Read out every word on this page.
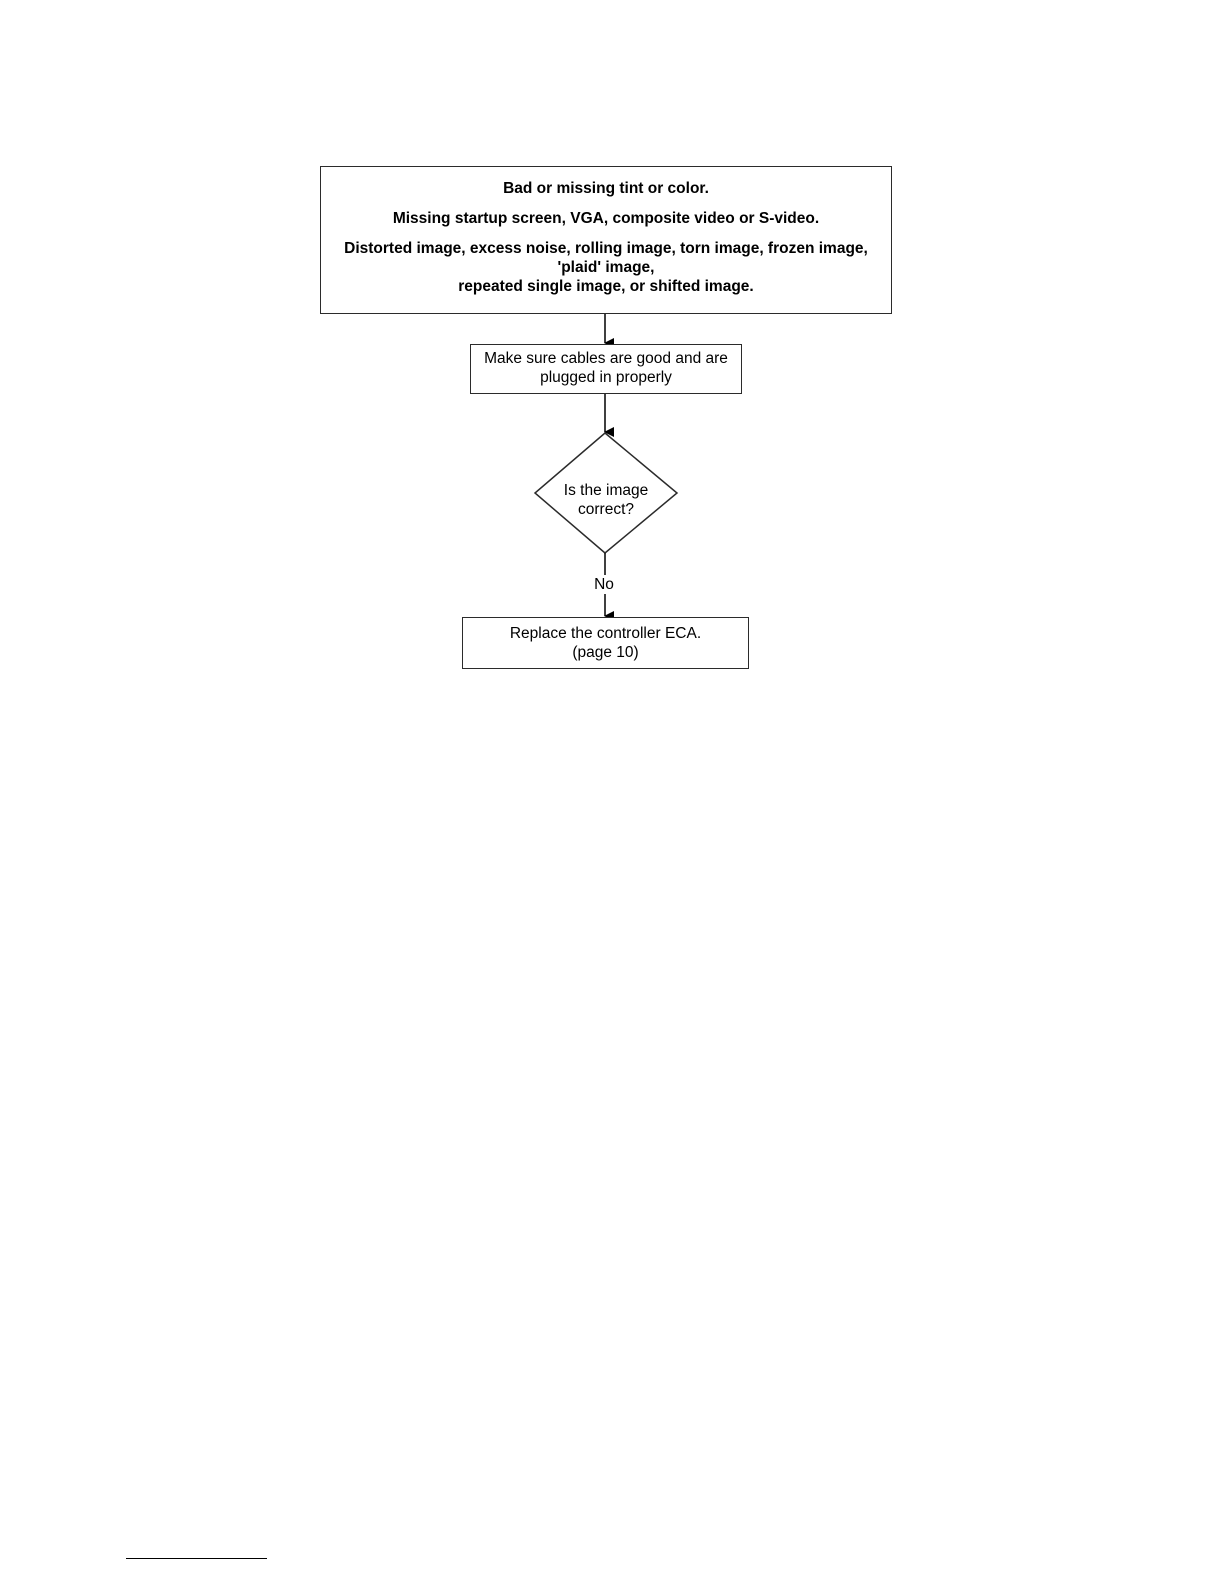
Bad or missing tint or color.

Missing startup screen, VGA, composite video or S-video.

Distorted image, excess noise, rolling image, torn image, frozen image,
'plaid' image,
repeated single image, or shifted image.

Make sure cables are good and are
plugged in properly
Is the image
correct?
No
Replace the controller ECA.
(page 10)
